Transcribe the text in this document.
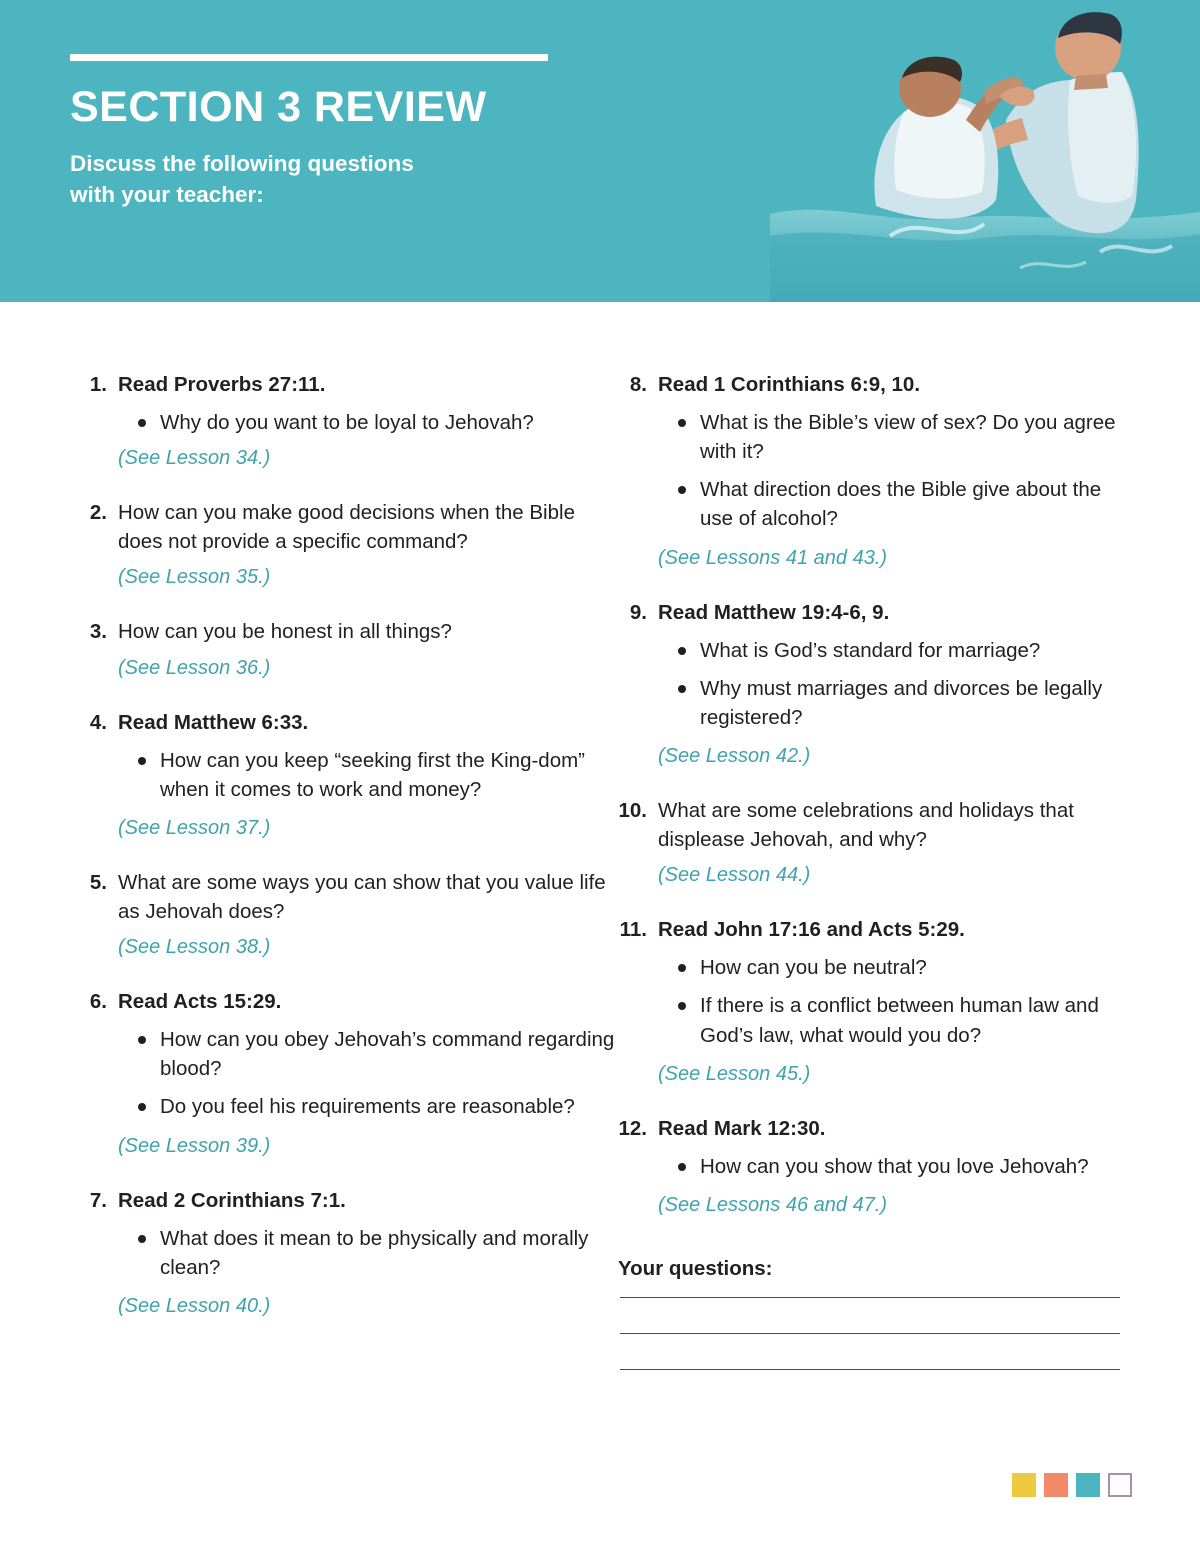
SECTION 3 REVIEW

Discuss the following questions
with your teacher:

1. Read Proverbs 27:11.

Why do you want to be loyal to Jehovah?

(See Lesson 34.)

2. How can you make good decisions when the Bible does not provide a specific command?

(See Lesson 35.)

3. How can you be honest in all things?

(See Lesson 36.)

4. Read Matthew 6:33.

How can you keep “seeking first the King-dom” when it comes to work and money?

(See Lesson 37.)

5. What are some ways you can show that you value life as Jehovah does?

(See Lesson 38.)

6. Read Acts 15:29.

How can you obey Jehovah’s command regarding blood?
Do you feel his requirements are reasonable?

(See Lesson 39.)

7. Read 2 Corinthians 7:1.

What does it mean to be physically and morally clean?

(See Lesson 40.)

8. Read 1 Corinthians 6:9, 10.

What is the Bible’s view of sex? Do you agree with it?
What direction does the Bible give about the use of alcohol?

(See Lessons 41 and 43.)

9. Read Matthew 19:4-6, 9.

What is God’s standard for marriage?
Why must marriages and divorces be legally registered?

(See Lesson 42.)

10. What are some celebrations and holidays that displease Jehovah, and why?

(See Lesson 44.)

11. Read John 17:16 and Acts 5:29.

How can you be neutral?
If there is a conflict between human law and God’s law, what would you do?

(See Lesson 45.)

12. Read Mark 12:30.

How can you show that you love Jehovah?

(See Lessons 46 and 47.)

Your questions:
